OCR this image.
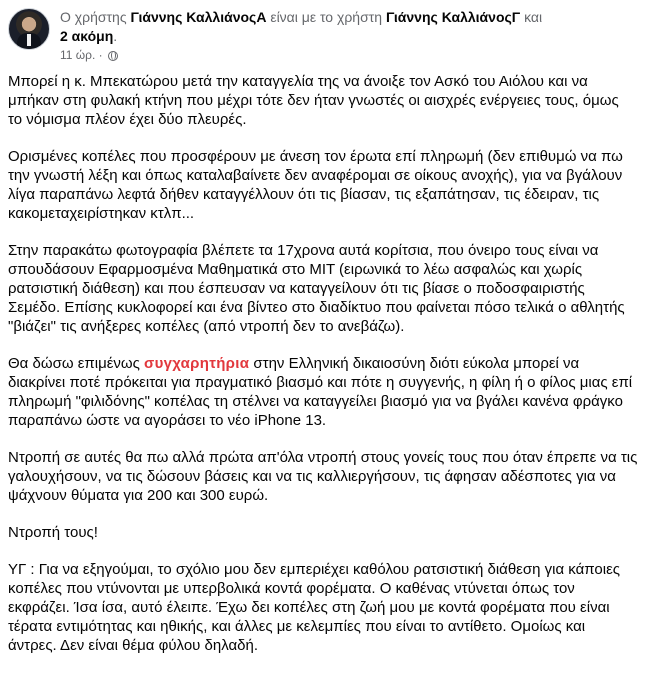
Ο χρήστης Γιάννης ΚαλλιάνοςΑ είναι με το χρήστη Γιάννης ΚαλλιάνοςΓ και
2 ακόμη.
11 ώρ. ·

Μπορεί η κ. Μπεκατώρου μετά την καταγγελία της να άνοιξε τον Ασκό του Αιόλου και να
μπήκαν στη φυλακή κτήνη που μέχρι τότε δεν ήταν γνωστές οι αισχρές ενέργειες τους, όμως
το νόμισμα πλέον έχει δύο πλευρές.

Ορισμένες κοπέλες που προσφέρουν με άνεση τον έρωτα επί πληρωμή (δεν επιθυμώ να πω
την γνωστή λέξη και όπως καταλαβαίνετε δεν αναφέρομαι σε οίκους ανοχής), για να βγάλουν
λίγα παραπάνω λεφτά δήθεν καταγγέλλουν ότι τις βίασαν, τις εξαπάτησαν, τις έδειραν, τις
κακομεταχειρίστηκαν κτλπ...

Στην παρακάτω φωτογραφία βλέπετε τα 17χρονα αυτά κορίτσια, που όνειρο τους είναι να
σπουδάσουν Εφαρμοσμένα Μαθηματικά στο MIT (ειρωνικά το λέω ασφαλώς και χωρίς
ρατσιστική διάθεση) και που έσπευσαν να καταγγείλουν ότι τις βίασε ο ποδοσφαιριστής
Σεμέδο. Επίσης κυκλοφορεί και ένα βίντεο στο διαδίκτυο που φαίνεται πόσο τελικά ο αθλητής
"βιάζει" τις ανήξερες κοπέλες (από ντροπή δεν το ανεβάζω).

Θα δώσω επιμένως συγχαρητήρια στην Ελληνική δικαιοσύνη διότι εύκολα μπορεί να
διακρίνει ποτέ πρόκειται για πραγματικό βιασμό και πότε η συγγενής, η φίλη ή ο φίλος μιας επί
πληρωμή "φιλιδόνης" κοπέλας τη στέλνει να καταγγείλει βιασμό για να βγάλει κανένα φράγκο
παραπάνω ώστε να αγοράσει το νέο iPhone 13.

Ντροπή σε αυτές θα πω αλλά πρώτα απ'όλα ντροπή στους γονείς τους που όταν έπρεπε να τις
γαλουχήσουν, να τις δώσουν βάσεις και να τις καλλιεργήσουν, τις άφησαν αδέσποτες για να
ψάχνουν θύματα για 200 και 300 ευρώ.

Ντροπή τους!

ΥΓ : Για να εξηγούμαι, το σχόλιο μου δεν εμπεριέχει καθόλου ρατσιστική διάθεση για κάποιες
κοπέλες που ντύνονται με υπερβολικά κοντά φορέματα. Ο καθένας ντύνεται όπως τον
εκφράζει. Ίσα ίσα, αυτό έλειπε. Έχω δει κοπέλες στη ζωή μου με κοντά φορέματα που είναι
τέρατα εντιμότητας και ηθικής, και άλλες με κελεμπίες που είναι το αντίθετο. Ομοίως και
άντρες. Δεν είναι θέμα φύλου δηλαδή.
